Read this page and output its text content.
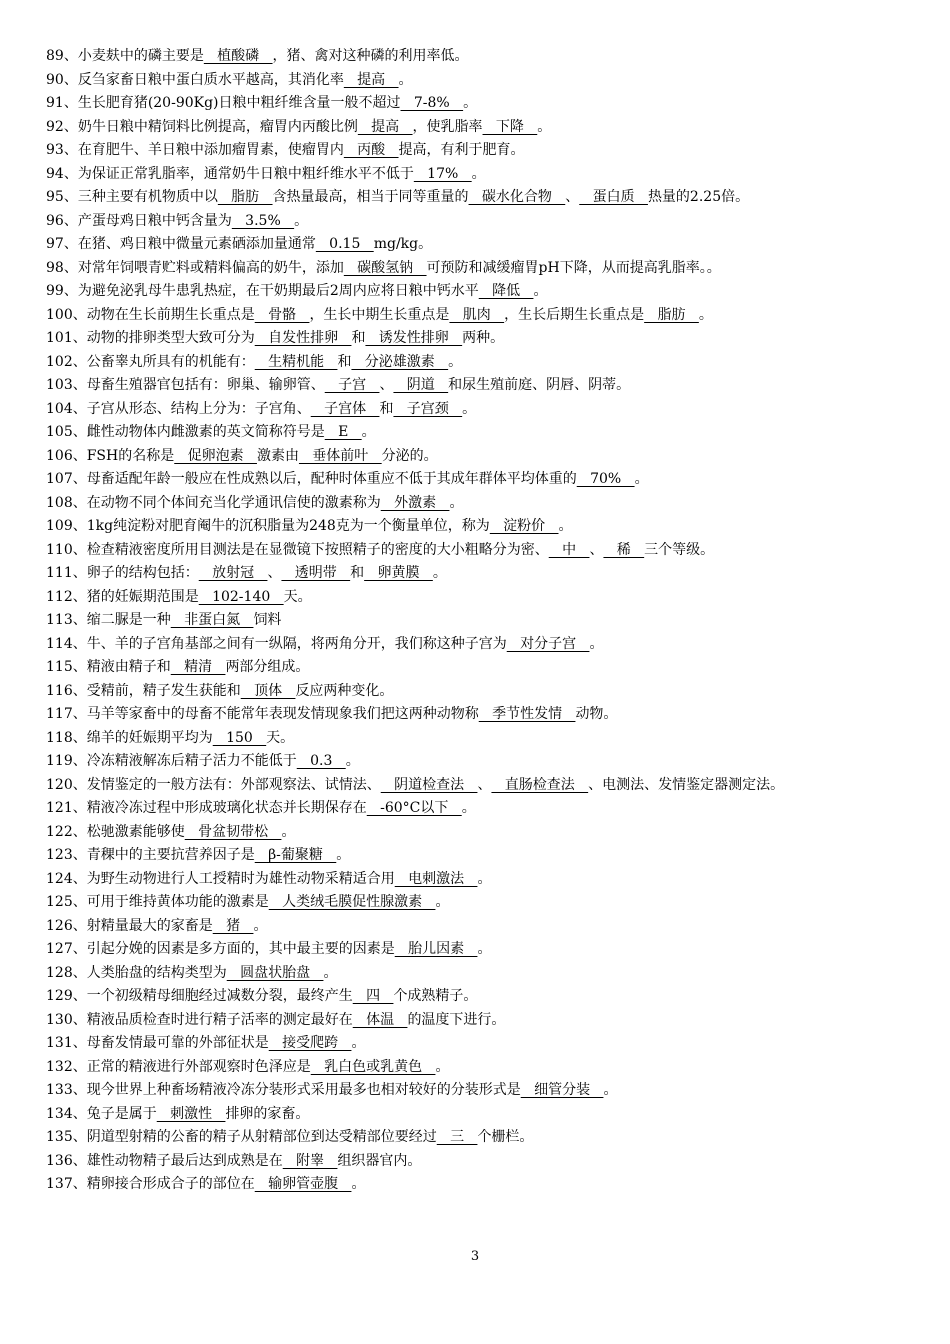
89、小麦麸中的磷主要是   植酸磷   ，猪、禽对这种磷的利用率低。
90、反刍家畜日粮中蛋白质水平越高，其消化率   提高   。
91、生长肥育猪(20-90Kg)日粮中粗纤维含量一般不超过   7-8%   。
92、奶牛日粮中精饲料比例提高，瘤胃内丙酸比例   提高   ，使乳脂率   下降   。
93、在育肥牛、羊日粮中添加瘤胃素，使瘤胃内   丙酸   提高，有利于肥育。
94、为保证正常乳脂率，通常奶牛日粮中粗纤维水平不低于   17%   。
95、三种主要有机物质中以   脂肪   含热量最高，相当于同等重量的   碳水化合物   、   蛋白质   热量的2.25倍。
96、产蛋母鸡日粮中钙含量为   3.5%   。
97、在猪、鸡日粮中微量元素硒添加量通常   0.15   mg/kg。
98、对常年饲喂青贮料或精料偏高的奶牛，添加   碳酸氢钠   可预防和减缓瘤胃pH下降，从而提高乳脂率。。
99、为避免泌乳母牛患乳热症，在干奶期最后2周内应将日粮中钙水平   降低   。
100、动物在生长前期生长重点是   骨骼   ，生长中期生长重点是   肌肉   ，生长后期生长重点是   脂肪   。
101、动物的排卵类型大致可分为   自发性排卵   和   诱发性排卵   两种。
102、公畜睾丸所具有的机能有：   生精机能   和   分泌雄激素   。
103、母畜生殖器官包括有：卵巢、输卵管、   子宫   、   阴道   和尿生殖前庭、阴唇、阴蒂。
104、子宫从形态、结构上分为：子宫角、   子宫体   和   子宫颈   。
105、雌性动物体内雌激素的英文简称符号是   E   。
106、FSH的名称是   促卵泡素   激素由   垂体前叶   分泌的。
107、母畜适配年龄一般应在性成熟以后，配种时体重应不低于其成年群体平均体重的   70%   。
108、在动物不同个体间充当化学通讯信使的激素称为   外激素   。
109、1kg纯淀粉对肥育阉牛的沉积脂量为248克为一个衡量单位，称为   淀粉价   。
110、检查精液密度所用目测法是在显微镜下按照精子的密度的大小粗略分为密、   中   、   稀   三个等级。
111、卵子的结构包括：   放射冠   、   透明带   和   卵黄膜   。
112、猪的妊娠期范围是   102-140   天。
113、缩二脲是一种   非蛋白氮   饲料
114、牛、羊的子宫角基部之间有一纵隔，将两角分开，我们称这种子宫为   对分子宫   。
115、精液由精子和   精清   两部分组成。
116、受精前，精子发生获能和   顶体   反应两种变化。
117、马羊等家畜中的母畜不能常年表现发情现象我们把这两种动物称   季节性发情   动物。
118、绵羊的妊娠期平均为   150   天。
119、冷冻精液解冻后精子活力不能低于   0.3   。
120、发情鉴定的一般方法有：外部观察法、试情法、   阴道检查法   、   直肠检查法   、电测法、发情鉴定器测定法。
121、精液冷冻过程中形成玻璃化状态并长期保存在   -60°C以下   。
122、松驰激素能够使   骨盆韧带松   。
123、青稞中的主要抗营养因子是   β-葡聚糖   。
124、为野生动物进行人工授精时为雄性动物采精适合用   电刺激法   。
125、可用于维持黄体功能的激素是   人类绒毛膜促性腺激素   。
126、射精量最大的家畜是   猪   。
127、引起分娩的因素是多方面的，其中最主要的因素是   胎儿因素   。
128、人类胎盘的结构类型为   圆盘状胎盘   。
129、一个初级精母细胞经过减数分裂，最终产生   四   个成熟精子。
130、精液品质检查时进行精子活率的测定最好在   体温   的温度下进行。
131、母畜发情最可靠的外部征状是   接受爬跨   。
132、正常的精液进行外部观察时色泽应是   乳白色或乳黄色   。
133、现今世界上种畜场精液冷冻分装形式采用最多也相对较好的分装形式是   细管分装   。
134、兔子是属于   刺激性   排卵的家畜。
135、阴道型射精的公畜的精子从射精部位到达受精部位要经过   三   个栅栏。
136、雄性动物精子最后达到成熟是在   附睾   组织器官内。
137、精卵接合形成合子的部位在   输卵管壶腹   。
3
